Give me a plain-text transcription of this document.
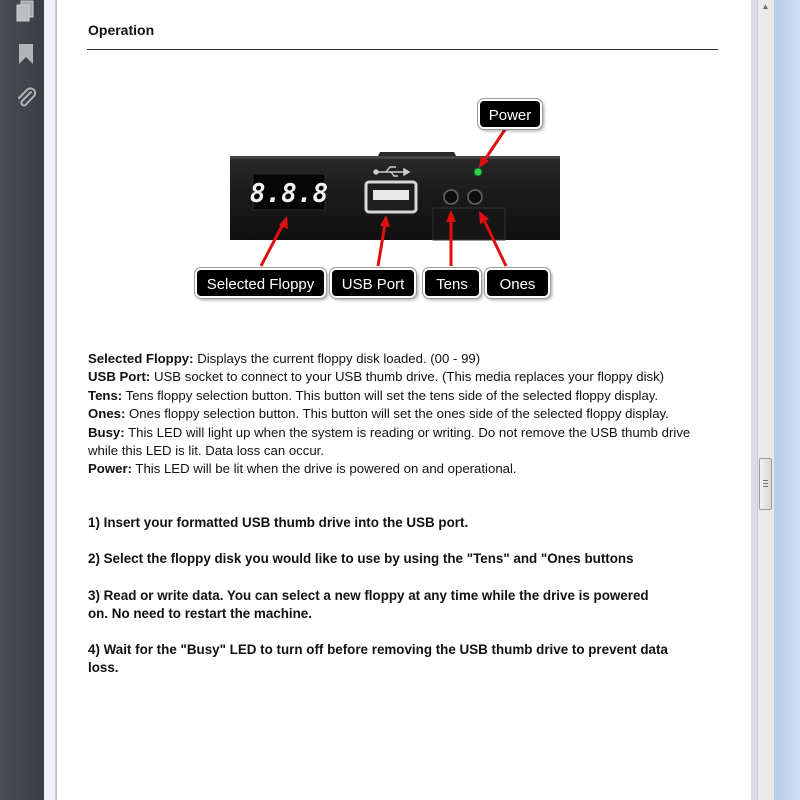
Operation
8.8.8
Power
Selected Floppy	USB Port	Tens	Ones
Selected Floppy: Displays the current floppy disk loaded. (00 - 99)
USB Port: USB socket to connect to your USB thumb drive. (This media replaces your floppy disk)
Tens: Tens floppy selection button. This button will set the tens side of the selected floppy display.
Ones: Ones floppy selection button. This button will set the ones side of the selected floppy display.
Busy: This LED will light up when the system is reading or writing. Do not remove the USB thumb drive while this LED is lit. Data loss can occur.
Power: This LED will be lit when the drive is powered on and operational.
1) Insert your formatted USB thumb drive into the USB port.
2) Select the floppy disk you would like to use by using the "Tens" and "Ones buttons
3) Read or write data. You can select a new floppy at any time while the drive is powered on. No need to restart the machine.
4) Wait for the "Busy" LED to turn off before removing the USB thumb drive to prevent data loss.
▲
